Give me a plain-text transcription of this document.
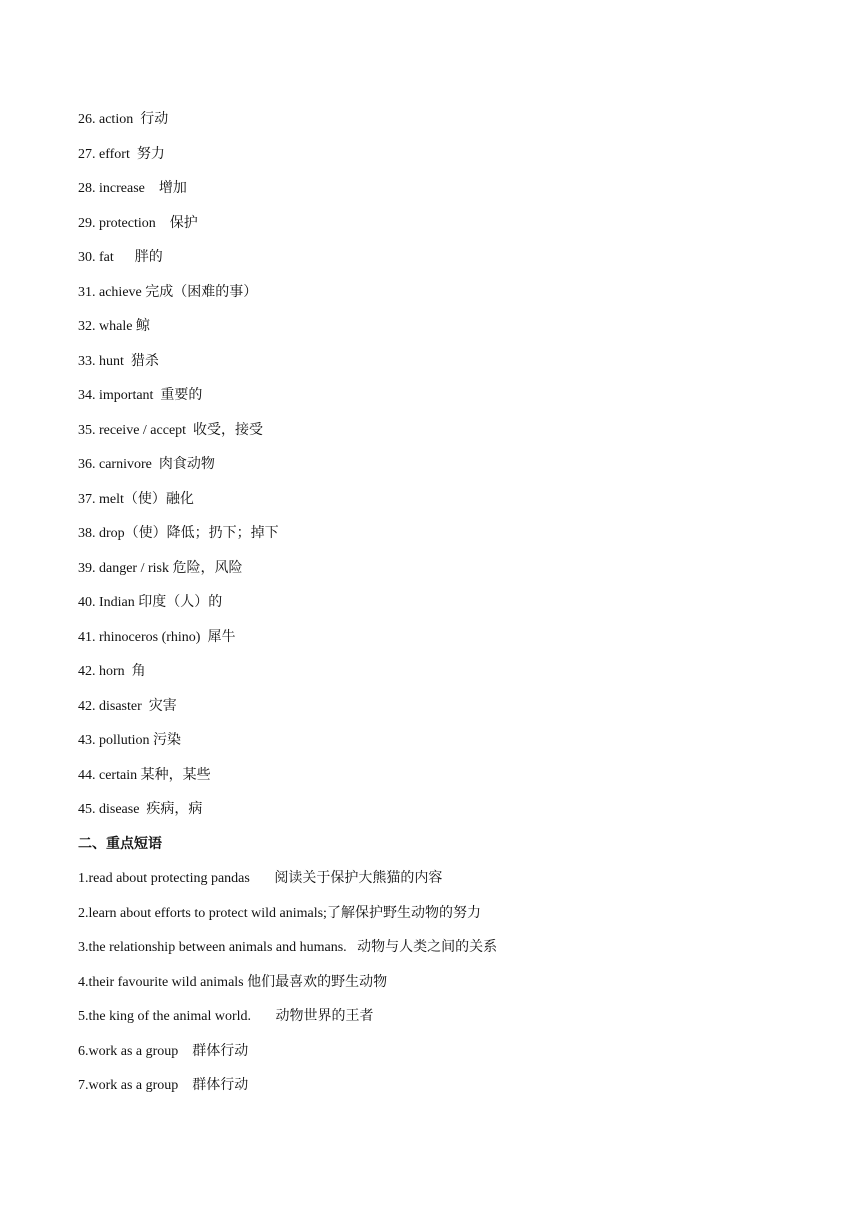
26. action  行动
27. effort  努力
28. increase    增加
29. protection    保护
30. fat      胖的
31. achieve 完成（困难的事）
32. whale 鲸
33. hunt  猎杀
34. important  重要的
35. receive / accept  收受，接受
36. carnivore  肉食动物
37. melt（使）融化
38. drop（使）降低；扔下；掉下
39. danger / risk 危险，风险
40. Indian 印度（人）的
41. rhinoceros (rhino)  犀牛
42. horn  角
42. disaster  灾害
43. pollution 污染
44. certain 某种，某些
45. disease  疾病，病
二、重点短语
1.read about protecting pandas       阅读关于保护大熊猫的内容
2.learn about efforts to protect wild animals;了解保护野生动物的努力
3.the relationship between animals and humans.   动物与人类之间的关系
4.their favourite wild animals 他们最喜欢的野生动物
5.the king of the animal world.       动物世界的王者
6.work as a group    群体行动
7.work as a group    群体行动
